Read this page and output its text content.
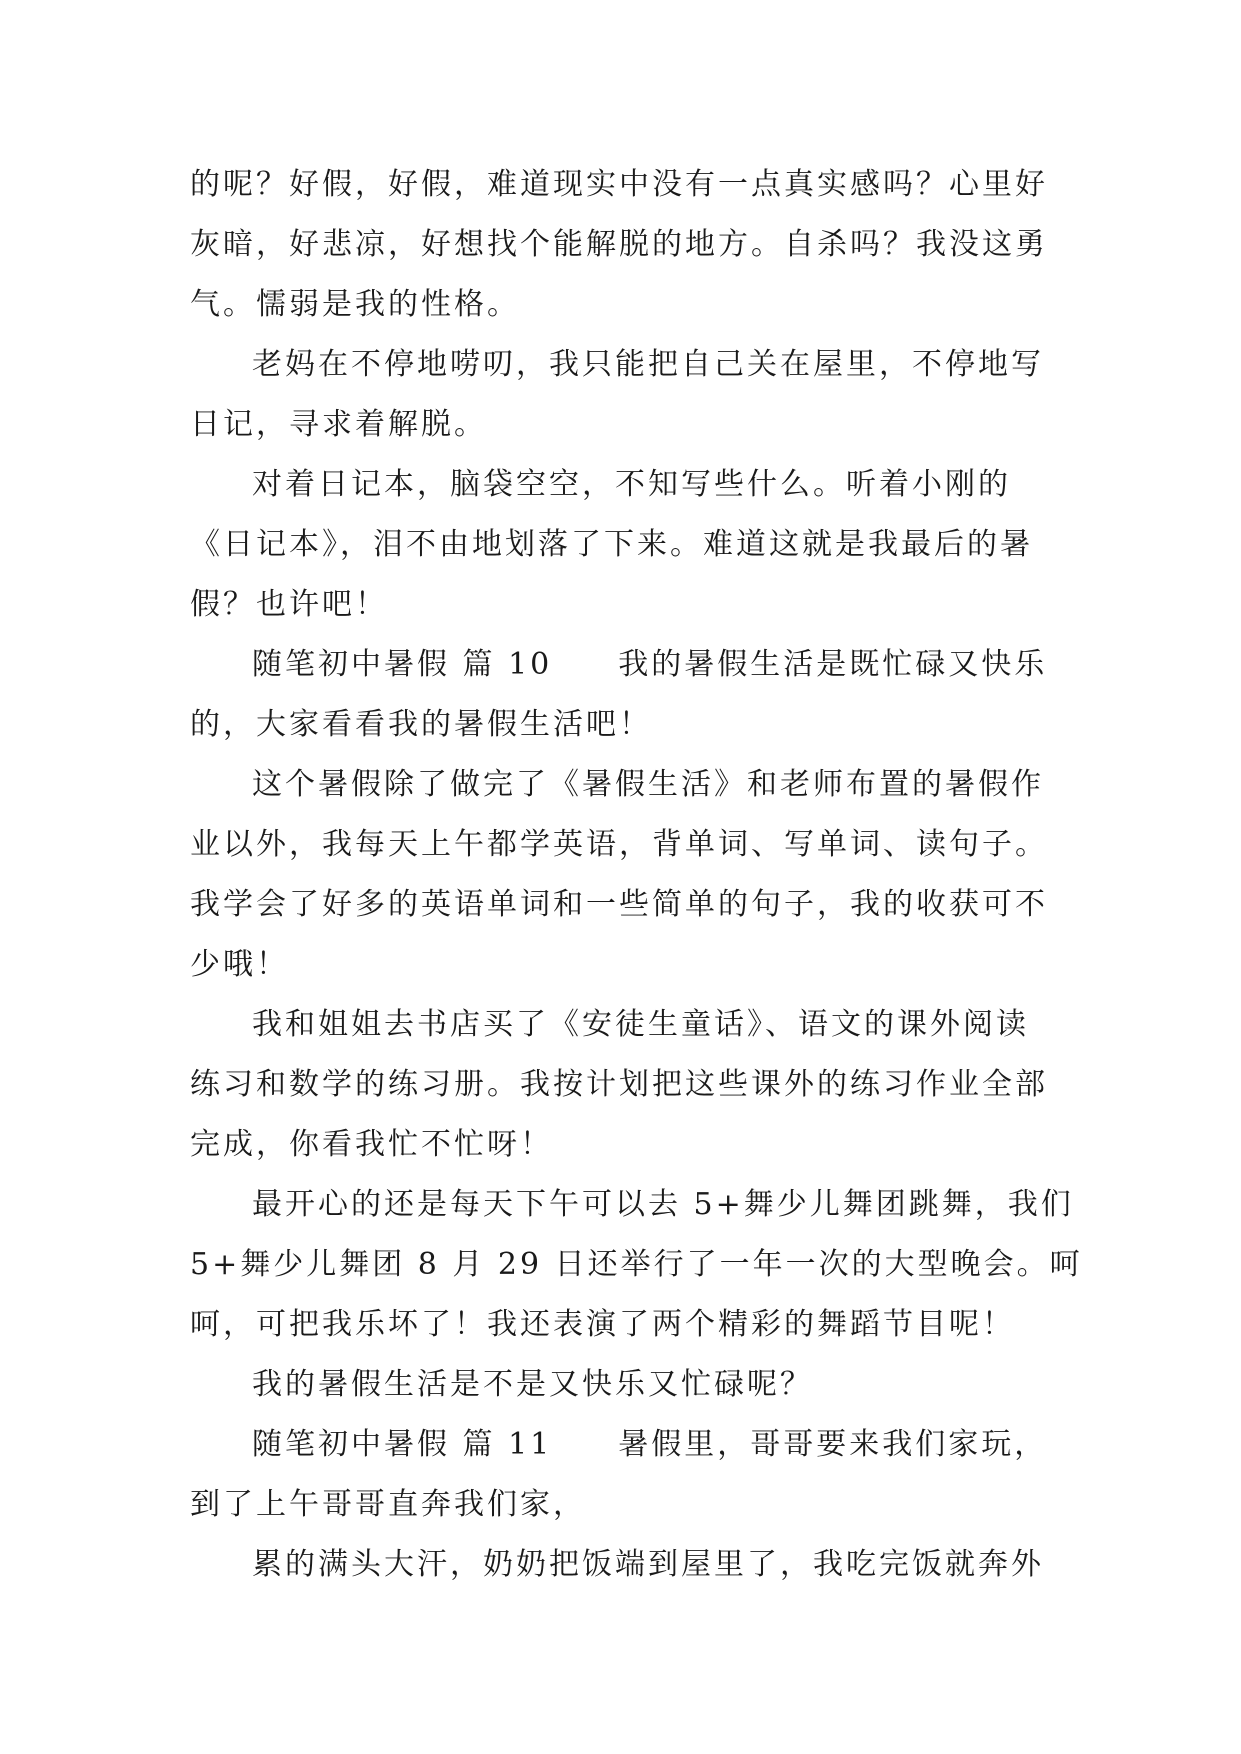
的呢？好假，好假，难道现实中没有一点真实感吗？心里好
灰暗，好悲凉，好想找个能解脱的地方。自杀吗？我没这勇
气。懦弱是我的性格。
老妈在不停地唠叨，我只能把自己关在屋里，不停地写
日记，寻求着解脱。
对着日记本，脑袋空空，不知写些什么。听着小刚的
《日记本》，泪不由地划落了下来。难道这就是我最后的暑
假？也许吧！
随笔初中暑假 篇 10　　我的暑假生活是既忙碌又快乐
的，大家看看我的暑假生活吧！
这个暑假除了做完了《暑假生活》和老师布置的暑假作
业以外，我每天上午都学英语，背单词、写单词、读句子。
我学会了好多的英语单词和一些简单的句子，我的收获可不
少哦！
我和姐姐去书店买了《安徒生童话》、语文的课外阅读
练习和数学的练习册。我按计划把这些课外的练习作业全部
完成，你看我忙不忙呀！
最开心的还是每天下午可以去 5+舞少儿舞团跳舞，我们
5+舞少儿舞团 8 月 29 日还举行了一年一次的大型晚会。呵
呵，可把我乐坏了！我还表演了两个精彩的舞蹈节目呢！
我的暑假生活是不是又快乐又忙碌呢？
随笔初中暑假 篇 11　　暑假里，哥哥要来我们家玩，
到了上午哥哥直奔我们家，
累的满头大汗，奶奶把饭端到屋里了，我吃完饭就奔外
